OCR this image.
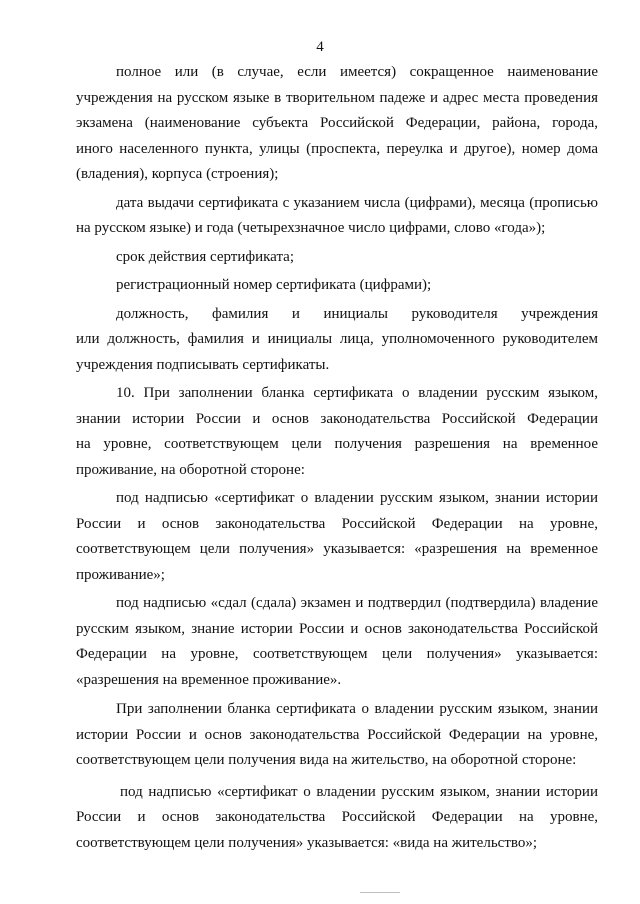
4
полное или (в случае, если имеется) сокращенное наименование
учреждения на русском языке в творительном падеже и адрес места проведения
экзамена (наименование субъекта Российской Федерации, района, города,
иного населенного пункта, улицы (проспекта, переулка и другое), номер дома
(владения), корпуса (строения);
дата выдачи сертификата с указанием числа (цифрами), месяца (прописью
на русском языке) и года (четырехзначное число цифрами, слово «года»);
срок действия сертификата;
регистрационный номер сертификата (цифрами);
должность, фамилия и инициалы руководителя учреждения
или должность, фамилия и инициалы лица, уполномоченного руководителем
учреждения подписывать сертификаты.
10. При заполнении бланка сертификата о владении русским языком,
знании истории России и основ законодательства Российской Федерации
на уровне, соответствующем цели получения разрешения на временное
проживание, на оборотной стороне:
под надписью «сертификат о владении русским языком, знании истории
России и основ законодательства Российской Федерации на уровне,
соответствующем цели получения» указывается: «разрешения на временное
проживание»;
под надписью «сдал (сдала) экзамен и подтвердил (подтвердила) владение
русским языком, знание истории России и основ законодательства Российской
Федерации на уровне, соответствующем цели получения» указывается:
«разрешения на временное проживание».
При заполнении бланка сертификата о владении русским языком, знании
истории России и основ законодательства Российской Федерации на уровне,
соответствующем цели получения вида на жительство, на оборотной стороне:
под надписью «сертификат о владении русским языком, знании истории
России и основ законодательства Российской Федерации на уровне,
соответствующем цели получения» указывается: «вида на жительство»;
